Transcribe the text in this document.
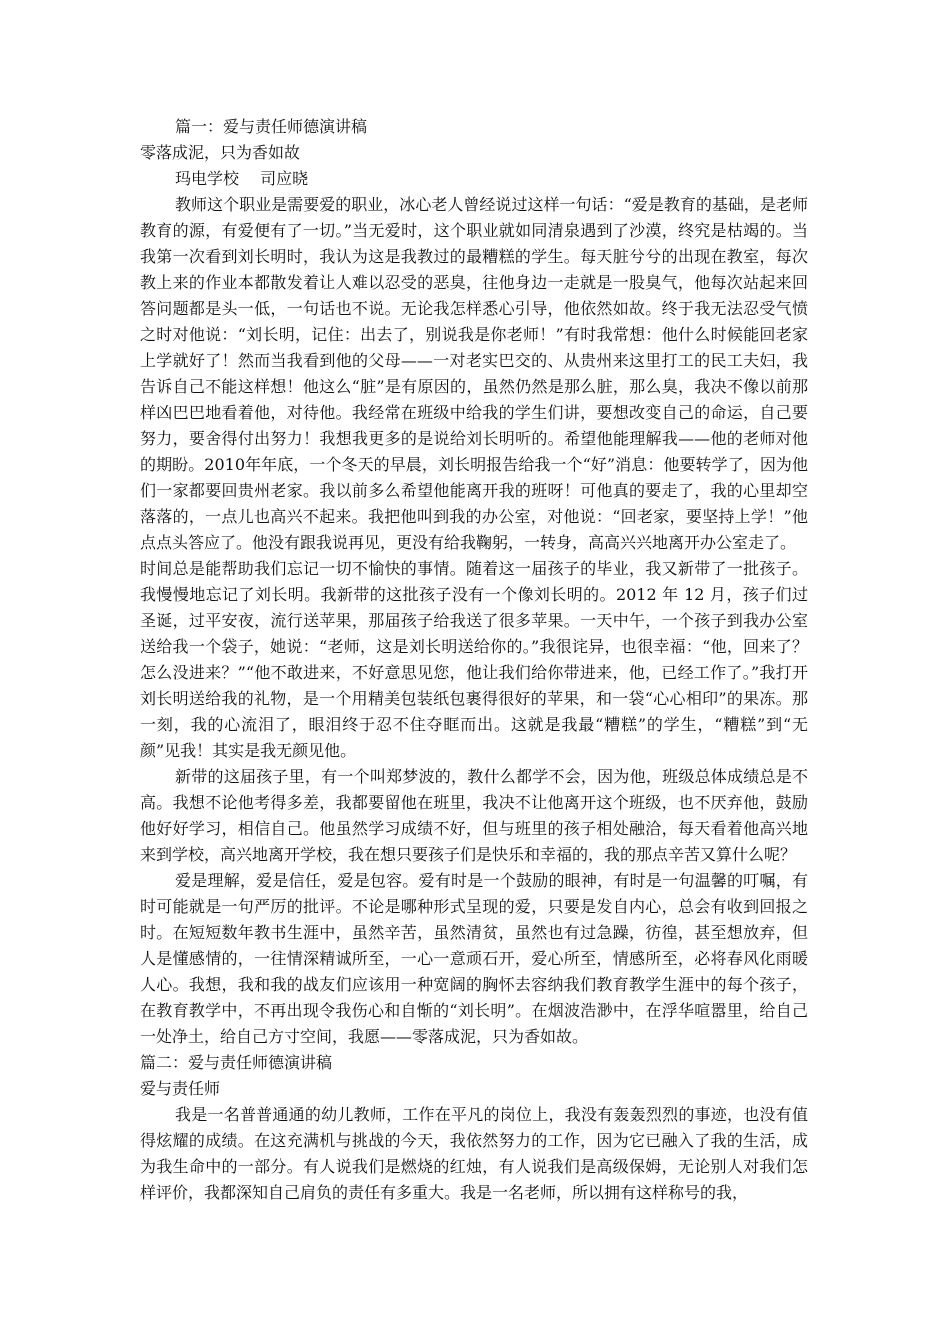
篇一：爱与责任师德演讲稿
零落成泥，只为香如故
玛电学校　 司应晓

教师这个职业是需要爱的职业，冰心老人曾经说过这样一句话：“爱是教育的基础，是老师教育的源，有爱便有了一切。”当无爱时，这个职业就如同清泉遇到了沙漠，终究是枯竭的。当我第一次看到刘长明时，我认为这是我教过的最糟糕的学生。每天脏兮兮的出现在教室，每次教上来的作业本都散发着让人难以忍受的恶臭，往他身边一走就是一股臭气，他每次站起来回答问题都是头一低，一句话也不说。无论我怎样悉心引导，他依然如故。终于我无法忍受气愤之时对他说：“刘长明，记住：出去了，别说我是你老师！”有时我常想：他什么时候能回老家上学就好了！然而当我看到他的父母——一对老实巴交的、从贵州来这里打工的民工夫妇，我告诉自己不能这样想！他这么“脏”是有原因的，虽然仍然是那么脏，那么臭，我决不像以前那样凶巴巴地看着他，对待他。我经常在班级中给我的学生们讲，要想改变自己的命运，自己要努力，要舍得付出努力！我想我更多的是说给刘长明听的。希望他能理解我——他的老师对他的期盼。2010年年底，一个冬天的早晨，刘长明报告给我一个“好”消息：他要转学了，因为他们一家都要回贵州老家。我以前多么希望他能离开我的班呀！可他真的要走了，我的心里却空落落的，一点儿也高兴不起来。我把他叫到我的办公室，对他说：“回老家，要坚持上学！”他点点头答应了。他没有跟我说再见，更没有给我鞠躬，一转身，高高兴兴地离开办公室走了。

时间总是能帮助我们忘记一切不愉快的事情。随着这一届孩子的毕业，我又新带了一批孩子。我慢慢地忘记了刘长明。我新带的这批孩子没有一个像刘长明的。2012 年 12 月，孩子们过圣诞，过平安夜，流行送苹果，那届孩子给我送了很多苹果。一天中午，一个孩子到我办公室送给我一个袋子，她说：“老师，这是刘长明送给你的。”我很诧异，也很幸福：“他，回来了？怎么没进来？”“他不敢进来，不好意思见您，他让我们给你带进来，他，已经工作了。”我打开刘长明送给我的礼物，是一个用精美包装纸包裹得很好的苹果，和一袋“心心相印”的果冻。那一刻，我的心流泪了，眼泪终于忍不住夺眶而出。这就是我最“糟糕”的学生，“糟糕”到“无颜”见我！其实是我无颜见他。

新带的这届孩子里，有一个叫郑梦波的，教什么都学不会，因为他，班级总体成绩总是不高。我想不论他考得多差，我都要留他在班里，我决不让他离开这个班级，也不厌弃他，鼓励他好好学习，相信自己。他虽然学习成绩不好，但与班里的孩子相处融洽，每天看着他高兴地来到学校，高兴地离开学校，我在想只要孩子们是快乐和幸福的，我的那点辛苦又算什么呢？

爱是理解，爱是信任，爱是包容。爱有时是一个鼓励的眼神，有时是一句温馨的叮嘱，有时可能就是一句严厉的批评。不论是哪种形式呈现的爱，只要是发自内心，总会有收到回报之时。在短短数年教书生涯中，虽然辛苦，虽然清贫，虽然也有过急躁，彷徨，甚至想放弃，但人是懂感情的，一往情深精诚所至，一心一意顽石开，爱心所至，情感所至，必将春风化雨暖人心。我想，我和我的战友们应该用一种宽阔的胸怀去容纳我们教育教学生涯中的每个孩子，在教育教学中，不再出现令我伤心和自惭的“刘长明”。在烟波浩渺中，在浮华喧嚣里，给自己一处净土，给自己方寸空间，我愿——零落成泥，只为香如故。

篇二：爱与责任师德演讲稿
爱与责任师

我是一名普普通通的幼儿教师，工作在平凡的岗位上，我没有轰轰烈烈的事迹，也没有值得炫耀的成绩。在这充满机与挑战的今天，我依然努力的工作，因为它已融入了我的生活，成为我生命中的一部分。有人说我们是燃烧的红烛，有人说我们是高级保姆，无论别人对我们怎样评价，我都深知自己肩负的责任有多重大。我是一名老师，所以拥有这样称号的我，
